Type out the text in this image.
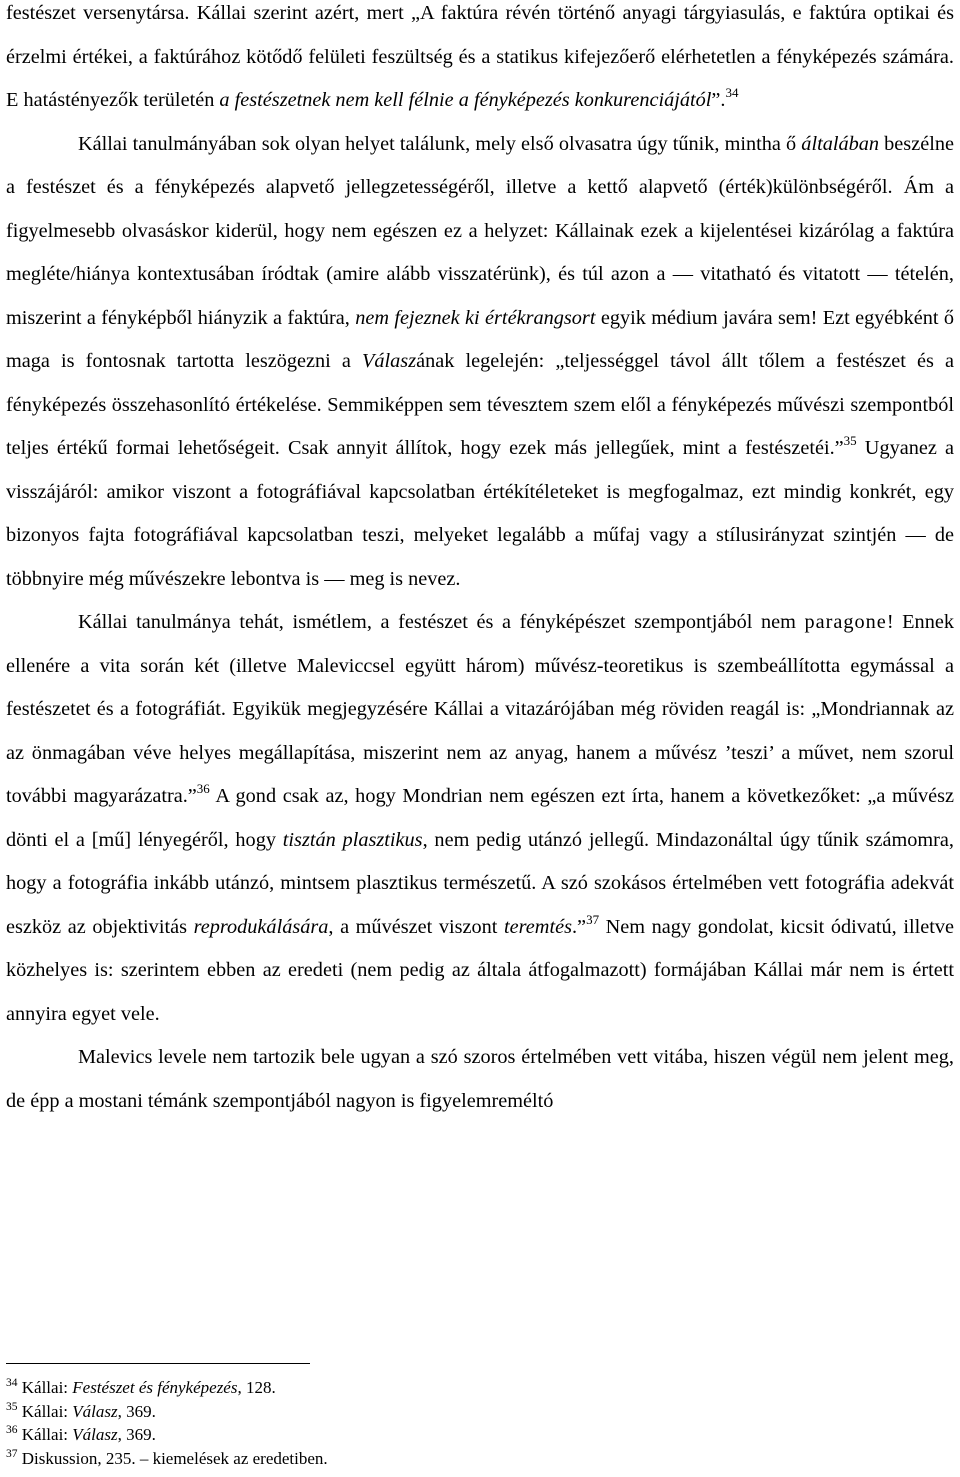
festészet versenytársa. Kállai szerint azért, mert „A faktúra révén történő anyagi tárgyiasulás, e faktúra optikai és érzelmi értékei, a faktúrához kötődő felületi feszültség és a statikus kifejezőerő elérhetetlen a fényképezés számára. E hatástényezők területén a festészetnek nem kell félnie a fényképezés konkurenciájától”.$^{34}$

Kállai tanulmányában sok olyan helyet találunk, mely első olvasatra úgy tűnik, mintha ő általában beszélne a festészet és a fényképezés alapvető jellegzetességéről, illetve a kettő alapvető (érték)különbségéről. Ám a figyelmesebb olvasáskor kiderül, hogy nem egészen ez a helyzet: Kállainak ezek a kijelentései kizárólag a faktúra megléte/hiánya kontextusában íródtak (amire alább visszatérünk), és túl azon a — vitatható és vitatott — tételén, miszerint a fényképből hiányzik a faktúra, nem fejeznek ki értékrangsort egyik médium javára sem! Ezt egyébként ő maga is fontosnak tartotta leszögezni a Válaszának legelején: „teljességgel távol állt tőlem a festészet és a fényképezés összehasonlító értékelése. Semmiképpen sem tévesztem szem elől a fényképezés művészi szempontból teljes értékű formai lehetőségeit. Csak annyit állítok, hogy ezek más jellegűek, mint a festészetéi.”$^{35}$ Ugyanez a visszájáról: amikor viszont a fotográfiával kapcsolatban értékítéleteket is megfogalmaz, ezt mindig konkrét, egy bizonyos fajta fotográfiával kapcsolatban teszi, melyeket legalább a műfaj vagy a stílusirányzat szintjén — de többnyire még művészekre lebontva is — meg is nevez.

Kállai tanulmánya tehát, ismétlem, a festészet és a fényképészet szempontjából nem paragone! Ennek ellenére a vita során két (illetve Maleviccsel együtt három) művész-teoretikus is szembeállította egymással a festészetet és a fotográfiát. Egyikük megjegyzésére Kállai a vitazárójában még röviden reagál is: „Mondriannak az az önmagában véve helyes megállapítása, miszerint nem az anyag, hanem a művész ’teszi’ a művet, nem szorul további magyarázatra.”$^{36}$ A gond csak az, hogy Mondrian nem egészen ezt írta, hanem a következőket: „a művész dönti el a [mű] lényegéről, hogy tisztán plasztikus, nem pedig utánzó jellegű. Mindazonáltal úgy tűnik számomra, hogy a fotográfia inkább utánzó, mintsem plasztikus természetű. A szó szokásos értelmében vett fotográfia adekvát eszköz az objektivitás reprodukálására, a művészet viszont teremtés.”$^{37}$ Nem nagy gondolat, kicsit ódivatú, illetve közhelyes is: szerintem ebben az eredeti (nem pedig az általa átfogalmazott) formájában Kállai már nem is értett annyira egyet vele.

Malevics levele nem tartozik bele ugyan a szó szoros értelmében vett vitába, hiszen végül nem jelent meg, de épp a mostani témánk szempontjából nagyon is figyelemreméltó

$^{34}$ Kállai: Festészet és fényképezés, 128.
$^{35}$ Kállai: Válasz, 369.
$^{36}$ Kállai: Válasz, 369.
$^{37}$ Diskussion, 235. – kiemelések az eredetiben.
